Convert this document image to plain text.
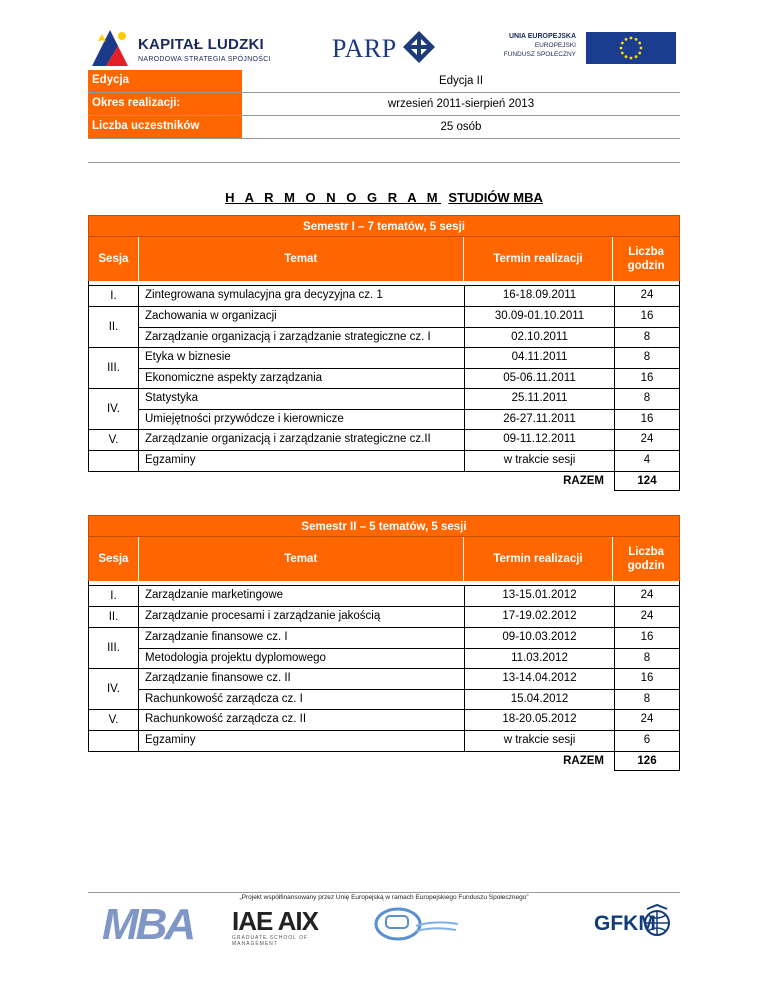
KAPITAŁ LUDZKI
NARODOWA STRATEGIA SPÓJNOŚCI PARP	UNIA EUROPEJSKA
EUROPEJSKI
FUNDUSZ SPOŁECZNY
Edycja	Edycja II
Okres realizacji:	wrzesień 2011-sierpień 2013
Liczba uczestników	25 osób
H A R M O N O G R A M STUDIÓW MBA
Semestr I – 7 tematów, 5 sesji
Sesja	Temat	Termin realizacji
Liczba godzin
I.	Zintegrowana symulacyjna gra decyzyjna cz. 1	16-18.09.2011	24
II.
Zachowania w organizacji	30.09-01.10.2011	16
Zarządzanie organizacją i zarządzanie strategiczne cz. I	02.10.2011	8
III.
Etyka w biznesie	04.11.2011	8
Ekonomiczne aspekty zarządzania	05-06.11.2011	16
IV.
Statystyka	25.11.2011	8
Umiejętności przywódcze i kierownicze	26-27.11.2011	16
V.	Zarządzanie organizacją i zarządzanie strategiczne cz.II	09-11.12.2011	24
Egzaminy	w trakcie sesji	4
RAZEM	124
Semestr II – 5 tematów, 5 sesji
Sesja	Temat	Termin realizacji
Liczba godzin
I.	Zarządzanie marketingowe	13-15.01.2012	24
II.	Zarządzanie procesami i zarządzanie jakością	17-19.02.2012	24
III.
Zarządzanie finansowe cz. I	09-10.03.2012	16
Metodologia projektu dyplomowego	11.03.2012	8
IV.
Zarządzanie finansowe cz. II	13-14.04.2012	16
Rachunkowość zarządcza cz. I	15.04.2012	8
V.	Rachunkowość zarządcza cz. II	18-20.05.2012	24
Egzaminy	w trakcie sesji	6
RAZEM	126
„Projekt współfinansowany przez Unię Europejską w ramach Europejskiego Funduszu Społecznego”
MBA IAE AIX
GRADUATE SCHOOL OF MANAGEMENT
GFKM
